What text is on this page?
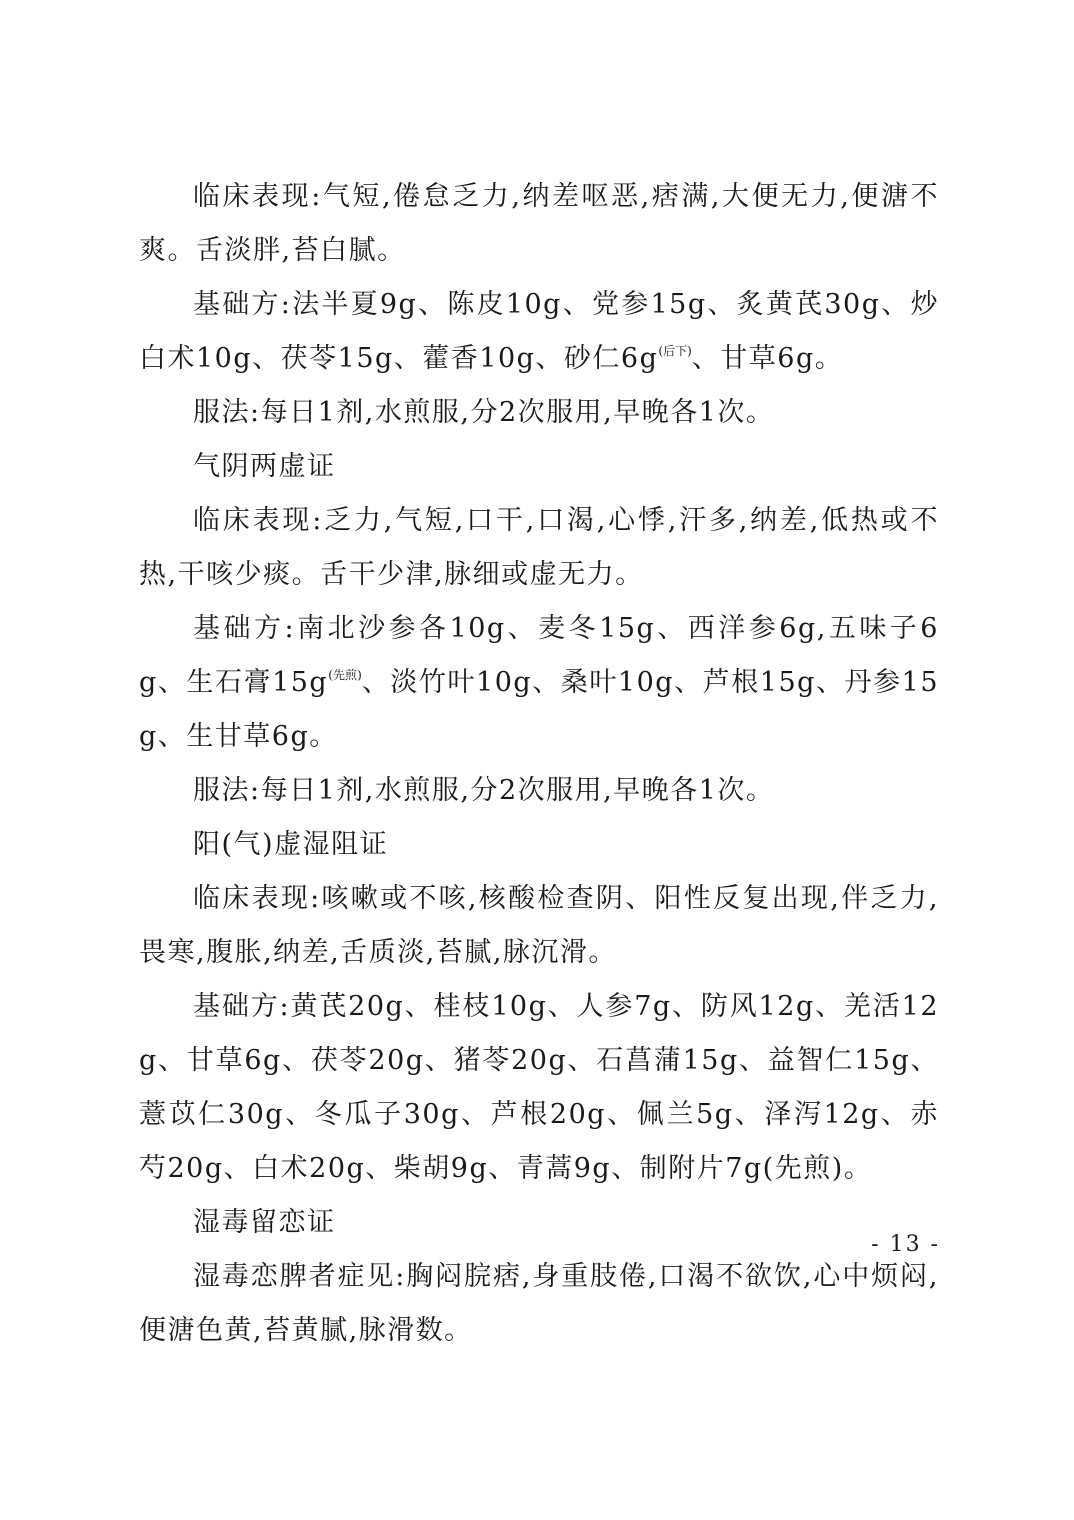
临床表现:气短,倦怠乏力,纳差呕恶,痞满,大便无力,便溏不爽。舌淡胖,苔白腻。

基础方:法半夏9g、陈皮10g、党参15g、炙黄芪30g、炒白术10g、茯苓15g、藿香10g、砂仁$6g^{(后下)}$、甘草6g。

服法:每日1剂,水煎服,分2次服用,早晚各1次。

气阴两虚证

临床表现:乏力,气短,口干,口渴,心悸,汗多,纳差,低热或不热,干咳少痰。舌干少津,脉细或虚无力。

基础方:南北沙参各10g、麦冬15g、西洋参6g,五味子6g、生石膏$15g^{(先煎)}$、淡竹叶10g、桑叶10g、芦根15g、丹参15g、生甘草6g。

服法:每日1剂,水煎服,分2次服用,早晚各1次。

阳(气)虚湿阻证

临床表现:咳嗽或不咳,核酸检查阴、阳性反复出现,伴乏力,畏寒,腹胀,纳差,舌质淡,苔腻,脉沉滑。

基础方:黄芪20g、桂枝10g、人参7g、防风12g、羌活12g、甘草6g、茯苓20g、猪苓20g、石菖蒲15g、益智仁15g、薏苡仁30g、冬瓜子30g、芦根20g、佩兰5g、泽泻12g、赤芍20g、白术20g、柴胡9g、青蒿9g、制附片7g(先煎)。

湿毒留恋证

湿毒恋脾者症见:胸闷脘痞,身重肢倦,口渴不欲饮,心中烦闷,便溏色黄,苔黄腻,脉滑数。

- 13 -
